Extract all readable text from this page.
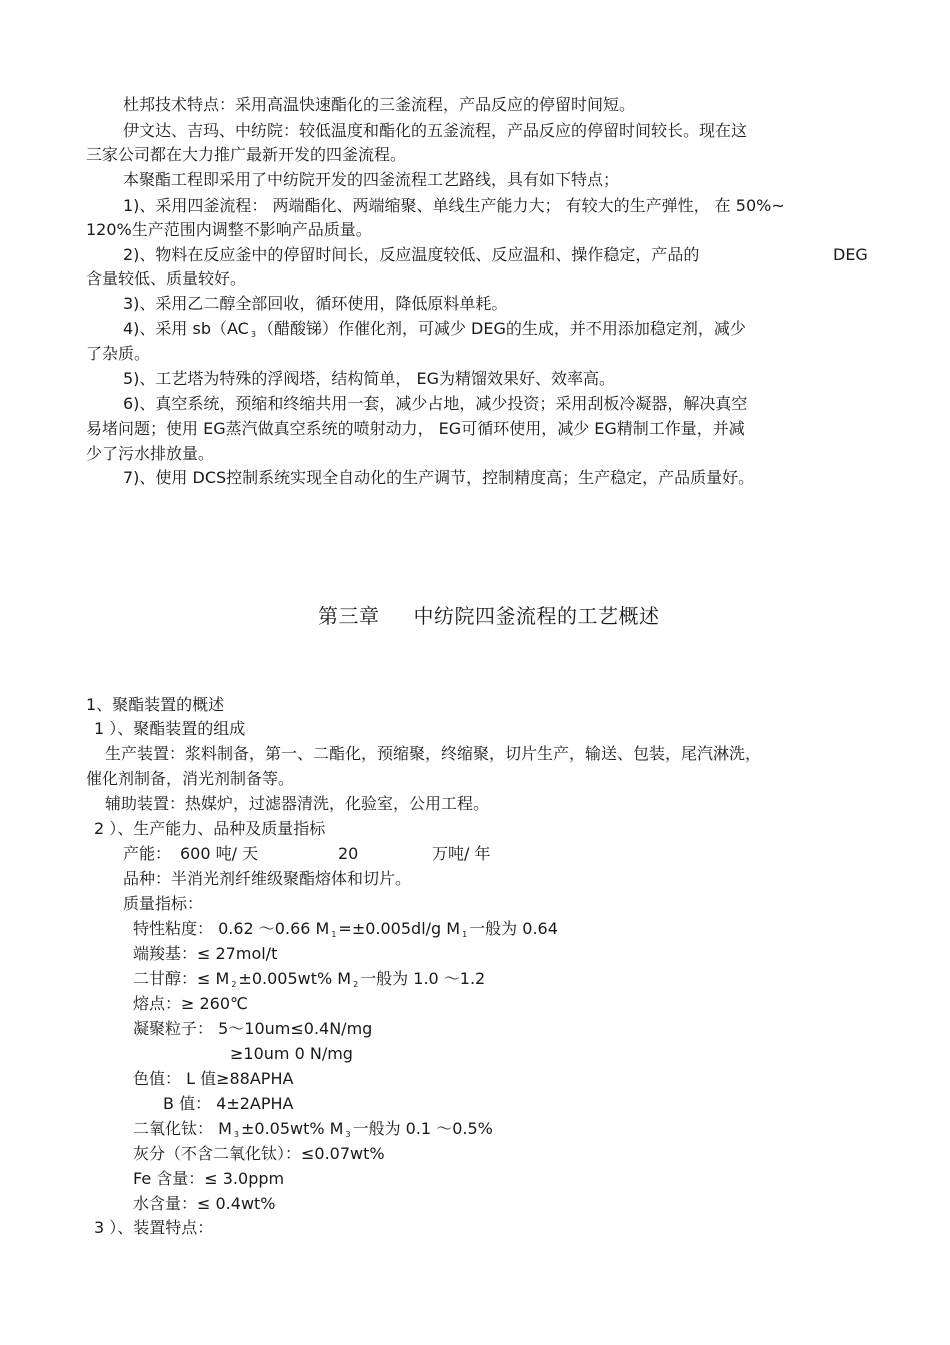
杜邦技术特点：采用高温快速酯化的三釜流程，产品反应的停留时间短。
伊文达、吉玛、中纺院：较低温度和酯化的五釜流程，产品反应的停留时间较长。现在这
三家公司都在大力推广最新开发的四釜流程。
本聚酯工程即采用了中纺院开发的四釜流程工艺路线，具有如下特点；
1)、采用四釜流程： 两端酯化、两端缩聚、单线生产能力大； 有较大的生产弹性， 在 50%~
120%生产范围内调整不影响产品质量。
2)、物料在反应釜中的停留时间长，反应温度较低、反应温和、操作稳定，产品的	DEG
含量较低、质量较好。
3)、采用乙二醇全部回收，循环使用，降低原料单耗。
4)、采用 sb（AC $_3$ （醋酸锑）作催化剂，可减少 DEG的生成，并不用添加稳定剂，减少
了杂质。
5)、工艺塔为特殊的浮阀塔，结构简单， EG为精馏效果好、效率高。
6)、真空系统，预缩和终缩共用一套，减少占地，减少投资；采用刮板冷凝器，解决真空
易堵问题；使用 EG蒸汽做真空系统的喷射动力， EG可循环使用，减少 EG精制工作量，并减
少了污水排放量。
7)、使用 DCS控制系统实现全自动化的生产调节，控制精度高；生产稳定，产品质量好。
第三章 中纺院四釜流程的工艺概述
1、聚酯装置的概述
1 ）、聚酯装置的组成
生产装置：浆料制备，第一、二酯化，预缩聚，终缩聚，切片生产，输送、包装，尾汽淋洗，
催化剂制备，消光剂制备等。
辅助装置：热媒炉，过滤器清洗，化验室，公用工程。
2 ）、生产能力、品种及质量指标
产能： 600 吨/ 天	20	万吨/ 年
品种：半消光剂纤维级聚酯熔体和切片。
质量指标：
特性粘度： 0.62 ～0.66 M $_1$ =±0.005dl/g M $_1$ 一般为 0.64
端羧基：≤ 27mol/t
二甘醇：≤ M $_2$ ±0.005wt% M $_2$ 一般为 1.0 ～1.2
熔点：≥ 260℃
凝聚粒子： 5～10um≤0.4N/mg
≥10um 0 N/mg
色值： L 值≥88APHA
B 值： 4±2APHA
二氧化钛： M $_3$ ±0.05wt% M $_3$ 一般为 0.1 ～0.5%
灰分（不含二氧化钛）：≤0.07wt%
Fe 含量：≤ 3.0ppm
水含量：≤ 0.4wt%
3 ）、装置特点：
